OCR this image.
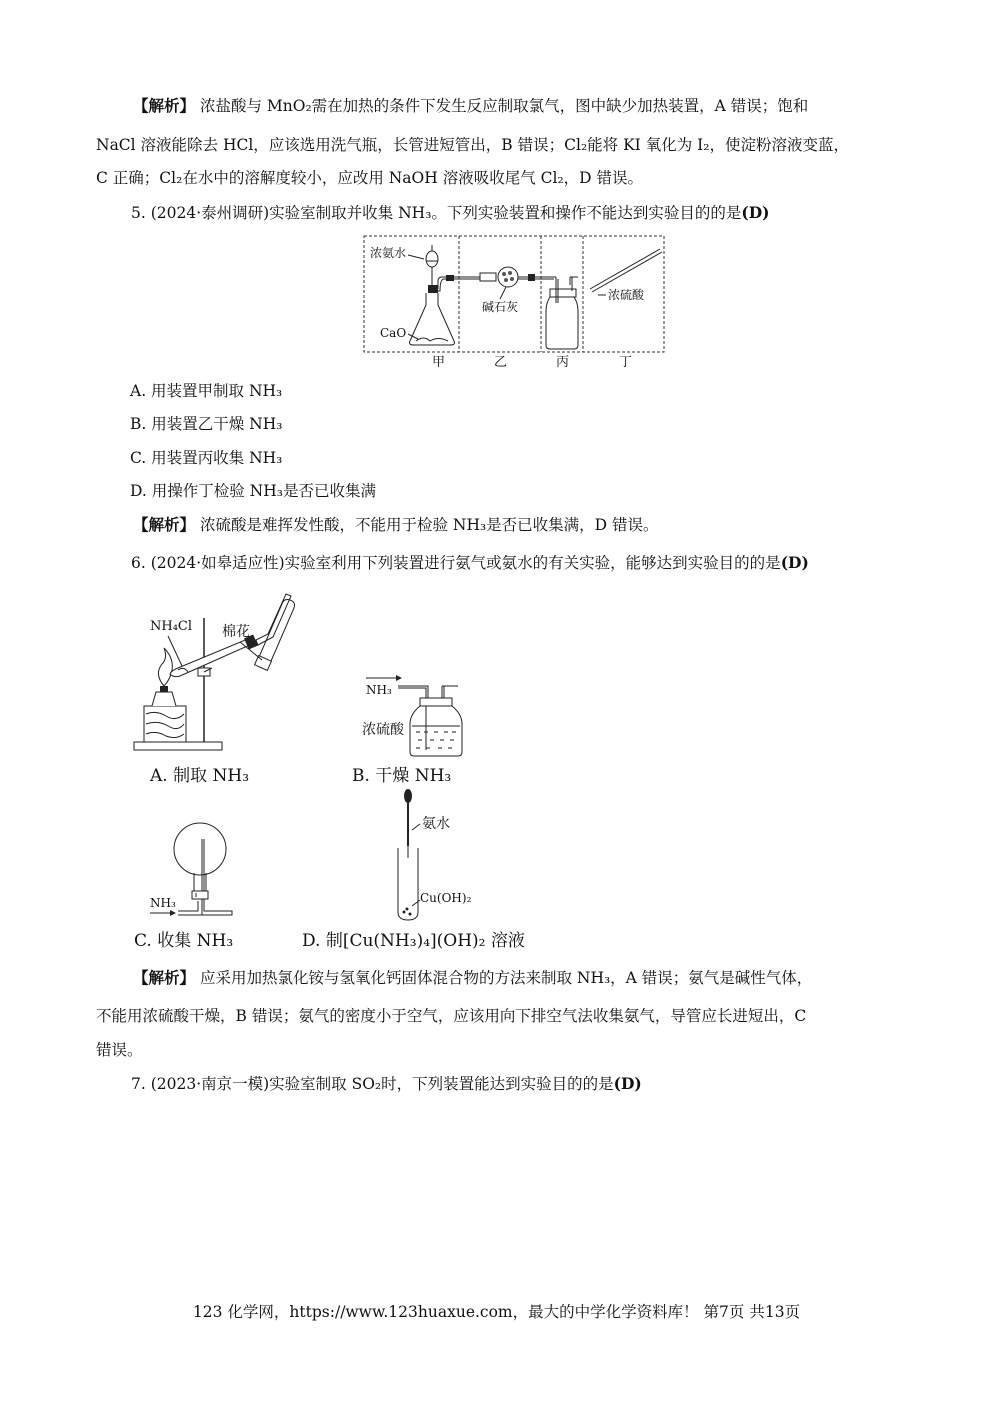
【解析】 浓盐酸与 MnO₂需在加热的条件下发生反应制取氯气，图中缺少加热装置，A 错误；饱和
NaCl 溶液能除去 HCl，应该选用洗气瓶，长管进短管出，B 错误；Cl₂能将 KI 氧化为 I₂，使淀粉溶液变蓝，
C 正确；Cl₂在水中的溶解度较小，应改用 NaOH 溶液吸收尾气 Cl₂，D 错误。
5. (2024·泰州调研)实验室制取并收集 NH₃。下列实验装置和操作不能达到实验目的的是(D)
浓氨水
CaO
碱石灰
浓硫酸
甲	乙	丙	丁
A. 用装置甲制取 NH₃
B. 用装置乙干燥 NH₃
C. 用装置丙收集 NH₃
D. 用操作丁检验 NH₃是否已收集满
【解析】 浓硫酸是难挥发性酸，不能用于检验 NH₃是否已收集满，D 错误。
6. (2024·如皋适应性)实验室利用下列装置进行氨气或氨水的有关实验，能够达到实验目的的是(D)
NH₄Cl 棉花
A. 制取 NH₃
NH₃
浓硫酸
B. 干燥 NH₃
NH₃
C. 收集 NH₃
氨水
Cu(OH)₂
D. 制[Cu(NH₃)₄](OH)₂ 溶液
【解析】 应采用加热氯化铵与氢氧化钙固体混合物的方法来制取 NH₃，A 错误；氨气是碱性气体，
不能用浓硫酸干燥，B 错误；氨气的密度小于空气，应该用向下排空气法收集氨气，导管应长进短出，C
错误。
7. (2023·南京一模)实验室制取 SO₂时，下列装置能达到实验目的的是(D)
123 化学网，https://www.123huaxue.com，最大的中学化学资料库！ 第7页 共13页
